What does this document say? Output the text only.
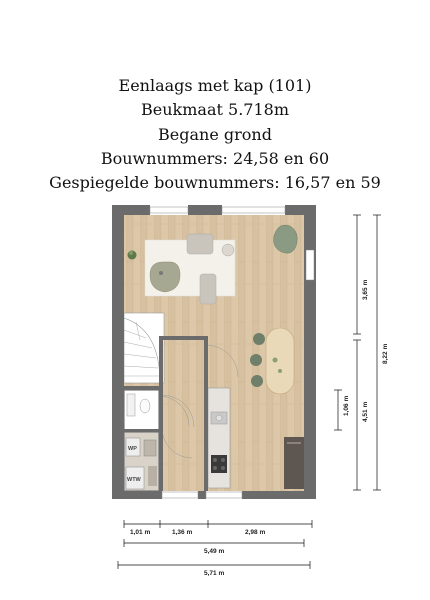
Eenlaags met kap (101)
Beukmaat 5.718m
Begane grond
Bouwnummers: 24,58 en 60
Gespiegelde bouwnummers: 16,57 en 59
WP
WTW
1,01 m	1,36 m	2,98 m
5,49 m
5,71 m
3,65 m
4,51 m
1,06 m
8,22 m
